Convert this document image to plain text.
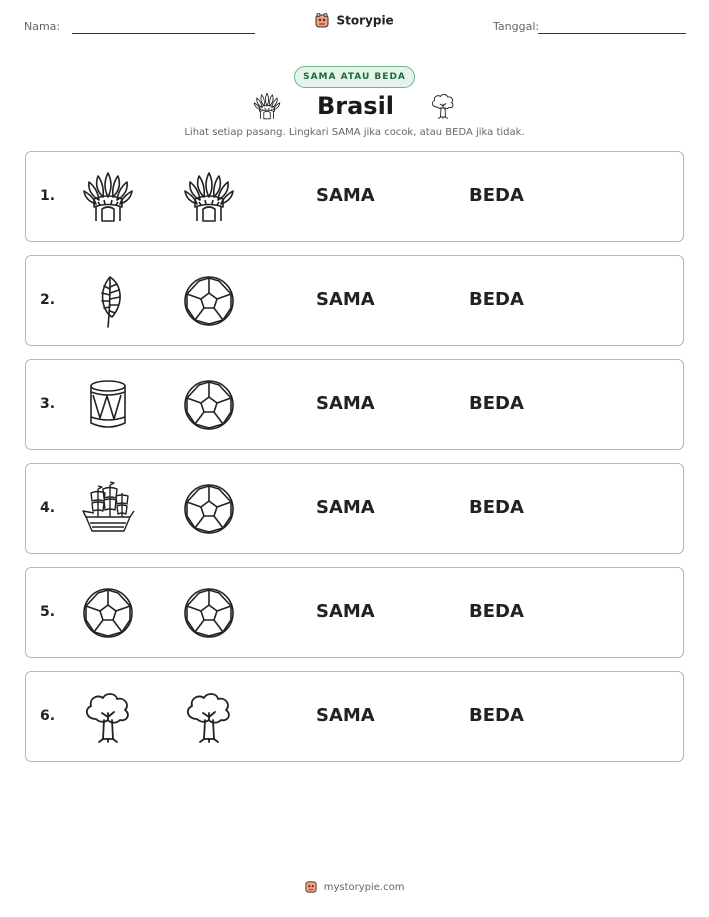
Nama:	Storypie	Tanggal:
SAMA ATAU BEDA
Brasil
Lihat setiap pasang. Lingkari SAMA jika cocok, atau BEDA jika tidak.
1.	SAMA	BEDA
2.	SAMA	BEDA
3.	SAMA	BEDA
4.	SAMA	BEDA
5.	SAMA	BEDA
6.	SAMA	BEDA
mystorypie.com
